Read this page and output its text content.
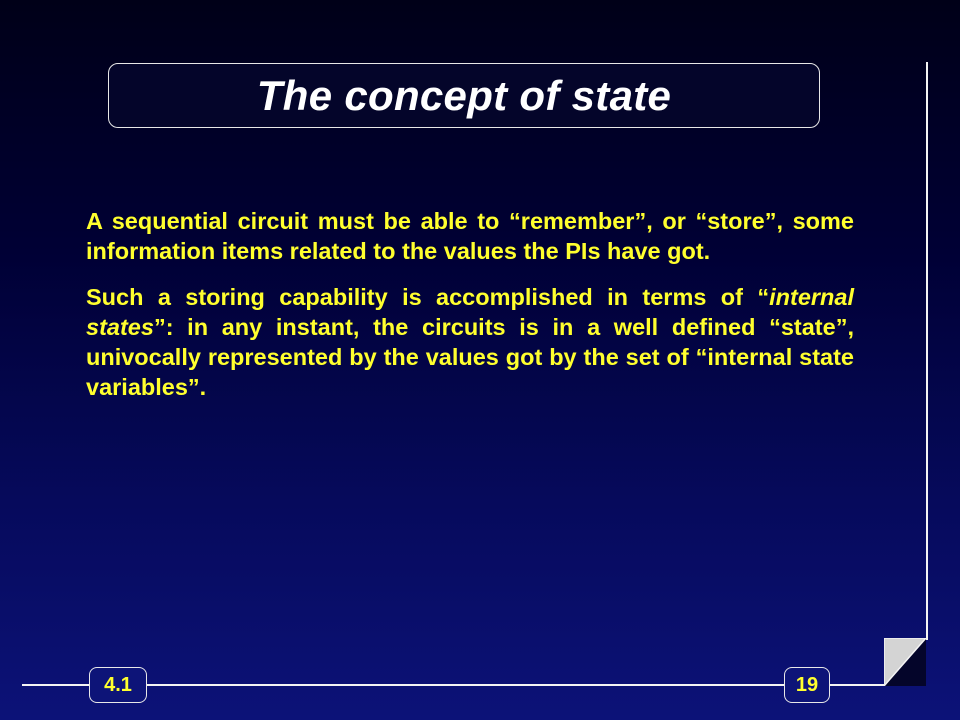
The concept of state

A sequential circuit must be able to “remember”, or “store”, some information items related to the values the PIs have got.

Such a storing capability is accomplished in terms of “internal states”: in any instant, the circuits is in a well defined “state”, univocally represented by the values got by the set of “internal state variables”.

4.1	19
